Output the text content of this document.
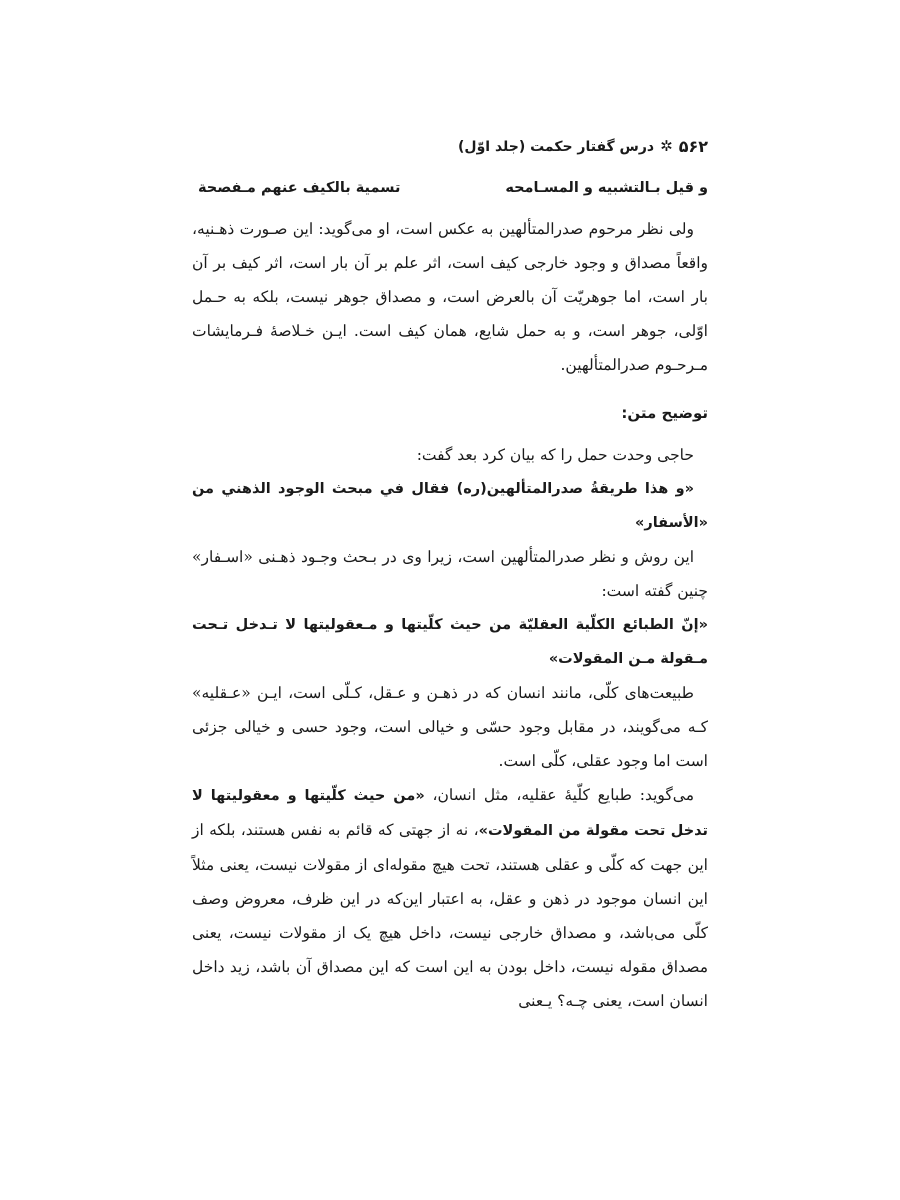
۵۶۲
✲
درس گفتار حکمت (جلد اوّل)
و قیل بـالتشبیه و المسـامحه
تسمیة بالکیف عنهم مـفصحة

ولی نظر مرحوم صدرالمتألهین به عکس است، او می‌گوید: این صـورت ذهـنیه، واقعاً مصداق و وجود خارجی کیف است، اثر علم بر آن بار است، اثر کیف بر آن بار است، اما جوهریّت آن بالعرض است، و مصداق جوهر نیست، بلکه به حـمل اوّلی، جوهر است، و به حمل شایع، همان کیف است. ایـن خـلاصهٔ فـرمایشات مـرحـوم صدرالمتألهین.

توضیح متن:

حاجی وحدت حمل را که بیان کرد بعد گفت:

«و هذا طریقةُ صدرالمتألهین(ره) فقال في مبحث الوجود الذهني من «الأسفار»

این روش و نظر صدرالمتألهین است، زیرا وی در بـحث وجـود ذهـنی «اسـفار» چنین گفته است:

«إنّ الطبائع الکلّیة العقلیّة من حیث کلّیتها و مـعقولیتها لا تـدخل تـحت مـقولة مـن المقولات»

طبیعت‌های کلّی، مانند انسان که در ذهـن و عـقل، کـلّی است، ایـن «عـقلیه» کـه می‌گویند، در مقابل وجود حسّی و خیالی است، وجود حسی و خیالی جزئی است اما وجود عقلی، کلّی است.

می‌گوید: طبایع کلّیهٔ عقلیه، مثل انسان، «من حیث کلّیتها و معقولیتها لا تدخل تحت مقولة من المقولات»، نه از جهتی که قائم به نفس هستند، بلکه از این جهت که کلّی و عقلی هستند، تحت هیچ مقوله‌ای از مقولات نیست، یعنی مثلاً این انسان موجود در ذهن و عقل، به اعتبار این‌که در این ظرف، معروض وصف کلّی می‌باشد، و مصداق خارجی نیست، داخل هیچ یک از مقولات نیست، یعنی مصداق مقوله نیست، داخل بودن به این است که این مصداق آن باشد، زید داخل انسان است، یعنی چـه؟ یـعنی
